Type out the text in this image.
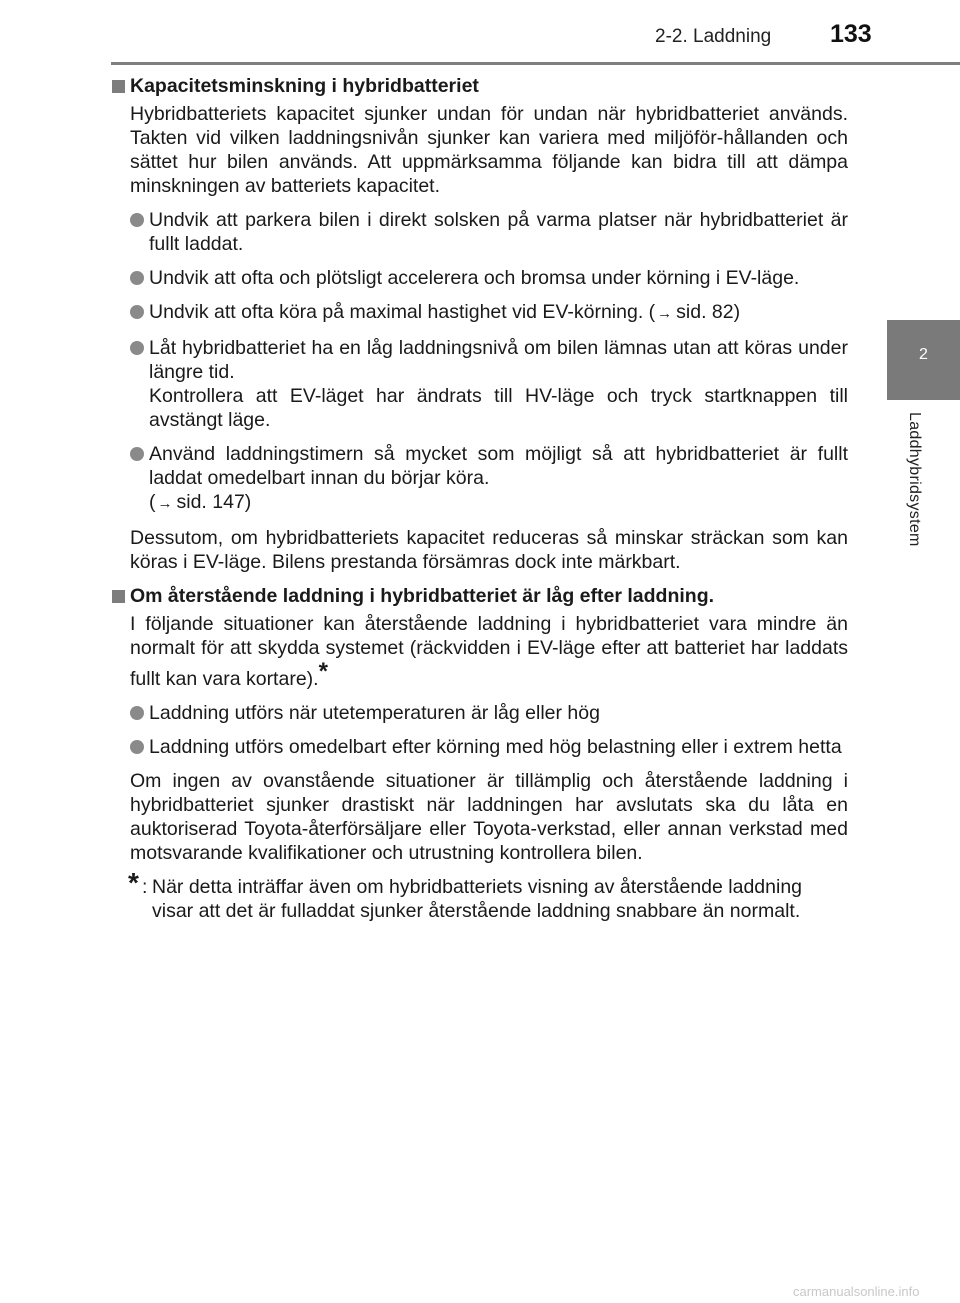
2-2. Laddning 133
2
Laddhybridsystem
Kapacitetsminskning i hybridbatteriet

Hybridbatteriets kapacitet sjunker undan för undan när hybridbatteriet används. Takten vid vilken laddningsnivån sjunker kan variera med miljöför-hållanden och sättet hur bilen används. Att uppmärksamma följande kan bidra till att dämpa minskningen av batteriets kapacitet.

Undvik att parkera bilen i direkt solsken på varma platser när hybridbatteriet är fullt laddat.
Undvik att ofta och plötsligt accelerera och bromsa under körning i EV-läge.
Undvik att ofta köra på maximal hastighet vid EV-körning. ( → sid. 82)
Låt hybridbatteriet ha en låg laddningsnivå om bilen lämnas utan att köras under längre tid.
Kontrollera att EV-läget har ändrats till HV-läge och tryck startknappen till avstängt läge.
Använd laddningstimern så mycket som möjligt så att hybridbatteriet är fullt laddat omedelbart innan du börjar köra.
( → sid. 147)

Dessutom, om hybridbatteriets kapacitet reduceras så minskar sträckan som kan köras i EV-läge. Bilens prestanda försämras dock inte märkbart.

Om återstående laddning i hybridbatteriet är låg efter laddning.

I följande situationer kan återstående laddning i hybridbatteriet vara mindre än normalt för att skydda systemet (räckvidden i EV-läge efter att batteriet har laddats fullt kan vara kortare).*

Laddning utförs när utetemperaturen är låg eller hög
Laddning utförs omedelbart efter körning med hög belastning eller i extrem hetta

Om ingen av ovanstående situationer är tillämplig och återstående laddning i hybridbatteriet sjunker drastiskt när laddningen har avslutats ska du låta en auktoriserad Toyota-återförsäljare eller Toyota-verkstad, eller annan verkstad med motsvarande kvalifikationer och utrustning kontrollera bilen.

* : När detta inträffar även om hybridbatteriets visning av återstående laddning visar att det är fulladdat sjunker återstående laddning snabbare än normalt.
carmanualsonline.info
